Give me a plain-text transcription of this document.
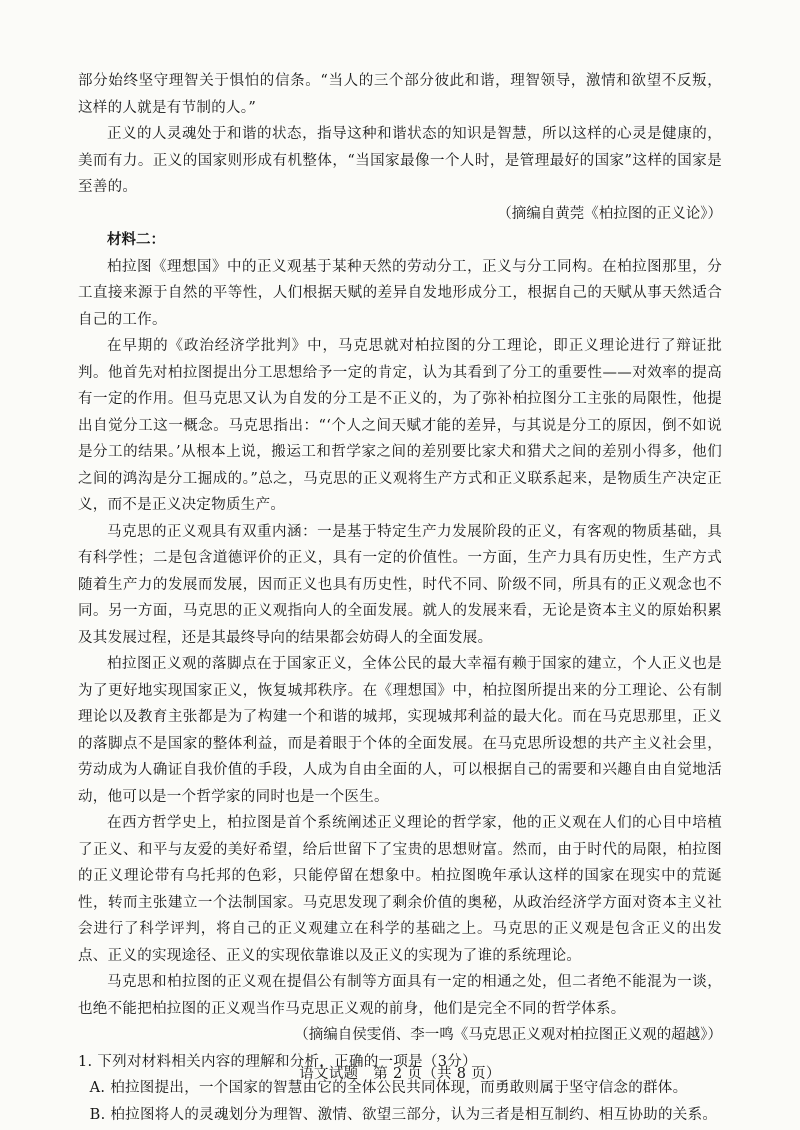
部分始终坚守理智关于惧怕的信条。“当人的三个部分彼此和谐，理智领导，激情和欲望不反叛，这样的人就是有节制的人。”

正义的人灵魂处于和谐的状态，指导这种和谐状态的知识是智慧，所以这样的心灵是健康的，美而有力。正义的国家则形成有机整体，“当国家最像一个人时，是管理最好的国家”这样的国家是至善的。

（摘编自黄莞《柏拉图的正义论》）

材料二：

柏拉图《理想国》中的正义观基于某种天然的劳动分工，正义与分工同构。在柏拉图那里，分工直接来源于自然的平等性，人们根据天赋的差异自发地形成分工，根据自己的天赋从事天然适合自己的工作。

在早期的《政治经济学批判》中，马克思就对柏拉图的分工理论，即正义理论进行了辩证批判。他首先对柏拉图提出分工思想给予一定的肯定，认为其看到了分工的重要性——对效率的提高有一定的作用。但马克思又认为自发的分工是不正义的，为了弥补柏拉图分工主张的局限性，他提出自觉分工这一概念。马克思指出：“‘个人之间天赋才能的差异，与其说是分工的原因，倒不如说是分工的结果。’从根本上说，搬运工和哲学家之间的差别要比家犬和猎犬之间的差别小得多，他们之间的鸿沟是分工掘成的。”总之，马克思的正义观将生产方式和正义联系起来，是物质生产决定正义，而不是正义决定物质生产。

马克思的正义观具有双重内涵：一是基于特定生产力发展阶段的正义，有客观的物质基础，具有科学性；二是包含道德评价的正义，具有一定的价值性。一方面，生产力具有历史性，生产方式随着生产力的发展而发展，因而正义也具有历史性，时代不同、阶级不同，所具有的正义观念也不同。另一方面，马克思的正义观指向人的全面发展。就人的发展来看，无论是资本主义的原始积累及其发展过程，还是其最终导向的结果都会妨碍人的全面发展。

柏拉图正义观的落脚点在于国家正义，全体公民的最大幸福有赖于国家的建立，个人正义也是为了更好地实现国家正义，恢复城邦秩序。在《理想国》中，柏拉图所提出来的分工理论、公有制理论以及教育主张都是为了构建一个和谐的城邦，实现城邦利益的最大化。而在马克思那里，正义的落脚点不是国家的整体利益，而是着眼于个体的全面发展。在马克思所设想的共产主义社会里，劳动成为人确证自我价值的手段，人成为自由全面的人，可以根据自己的需要和兴趣自由自觉地活动，他可以是一个哲学家的同时也是一个医生。

在西方哲学史上，柏拉图是首个系统阐述正义理论的哲学家，他的正义观在人们的心目中培植了正义、和平与友爱的美好希望，给后世留下了宝贵的思想财富。然而，由于时代的局限，柏拉图的正义理论带有乌托邦的色彩，只能停留在想象中。柏拉图晚年承认这样的国家在现实中的荒诞性，转而主张建立一个法制国家。马克思发现了剩余价值的奥秘，从政治经济学方面对资本主义社会进行了科学评判，将自己的正义观建立在科学的基础之上。马克思的正义观是包含正义的出发点、正义的实现途径、正义的实现依靠谁以及正义的实现为了谁的系统理论。

马克思和柏拉图的正义观在提倡公有制等方面具有一定的相通之处，但二者绝不能混为一谈，也绝不能把柏拉图的正义观当作马克思正义观的前身，他们是完全不同的哲学体系。

（摘编自侯雯俏、李一鸣《马克思正义观对柏拉图正义观的超越》）

1. 下列对材料相关内容的理解和分析，正确的一项是（3分）

A. 柏拉图提出，一个国家的智慧由它的全体公民共同体现，而勇敢则属于坚守信念的群体。

B. 柏拉图将人的灵魂划分为理智、激情、欲望三部分，认为三者是相互制约、相互协助的关系。

语文试题　第 2 页（共 8 页）
